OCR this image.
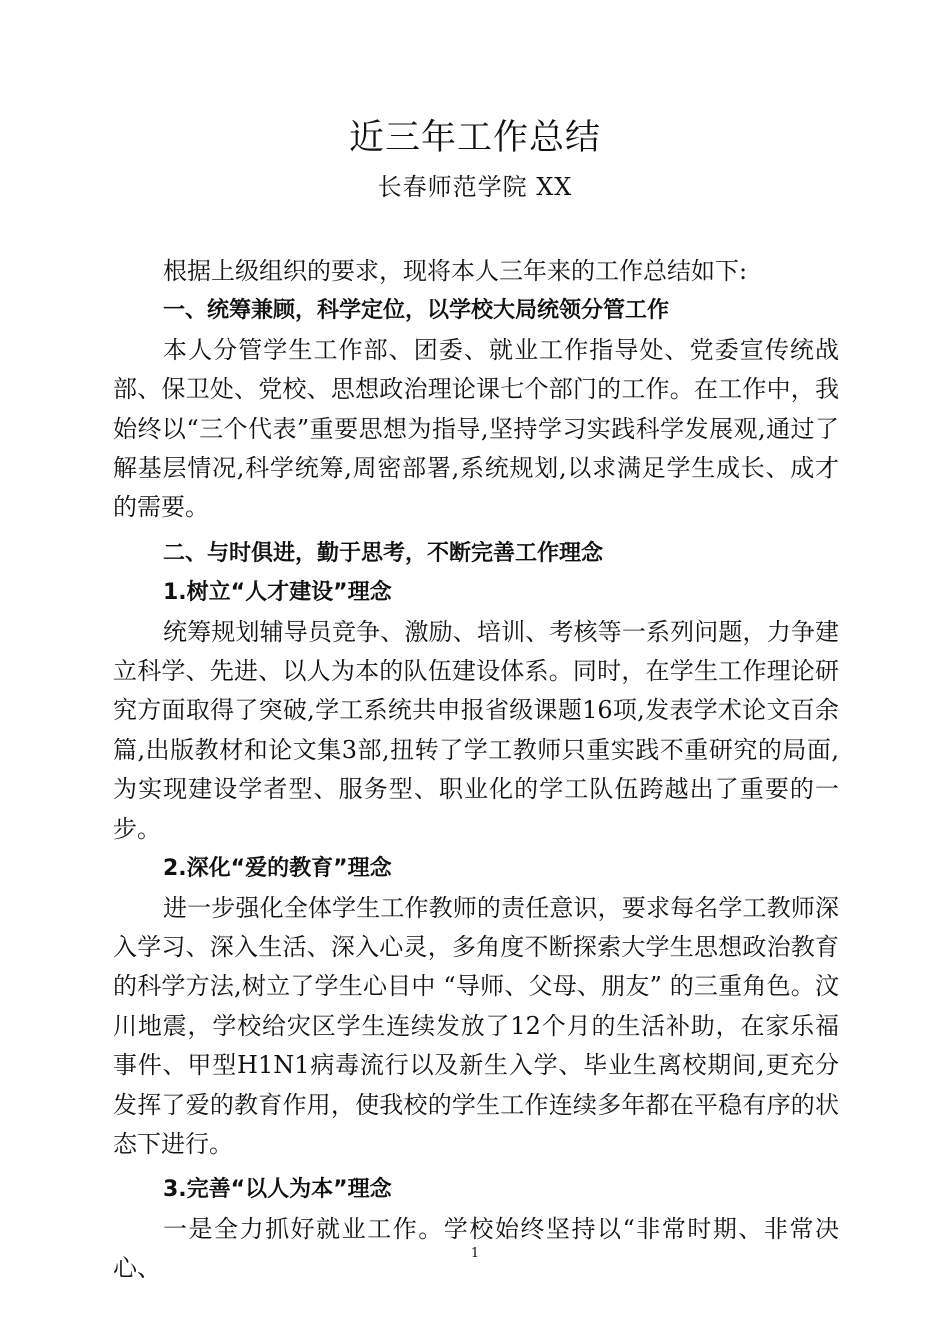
近三年工作总结
长春师范学院 XX

根据上级组织的要求，现将本人三年来的工作总结如下:

一、统筹兼顾，科学定位，以学校大局统领分管工作

本人分管学生工作部、团委、就业工作指导处、党委宣传统战部、保卫处、党校、思想政治理论课七个部门的工作。在工作中，我始终以“三个代表”重要思想为指导,坚持学习实践科学发展观,通过了解基层情况,科学统筹,周密部署,系统规划,以求满足学生成长、成才的需要。

二、与时俱进，勤于思考，不断完善工作理念

1.树立“人才建设”理念

统筹规划辅导员竞争、激励、培训、考核等一系列问题，力争建立科学、先进、以人为本的队伍建设体系。同时，在学生工作理论研究方面取得了突破,学工系统共申报省级课题16项,发表学术论文百余篇,出版教材和论文集3部,扭转了学工教师只重实践不重研究的局面,为实现建设学者型、服务型、职业化的学工队伍跨越出了重要的一步。

2.深化“爱的教育”理念

进一步强化全体学生工作教师的责任意识，要求每名学工教师深入学习、深入生活、深入心灵，多角度不断探索大学生思想政治教育的科学方法,树立了学生心目中 “导师、父母、朋友” 的三重角色。汶川地震，学校给灾区学生连续发放了12个月的生活补助，在家乐福事件、甲型H1N1病毒流行以及新生入学、毕业生离校期间,更充分发挥了爱的教育作用，使我校的学生工作连续多年都在平稳有序的状态下进行。

3.完善“以人为本”理念

一是全力抓好就业工作。学校始终坚持以“非常时期、非常决心、

1
